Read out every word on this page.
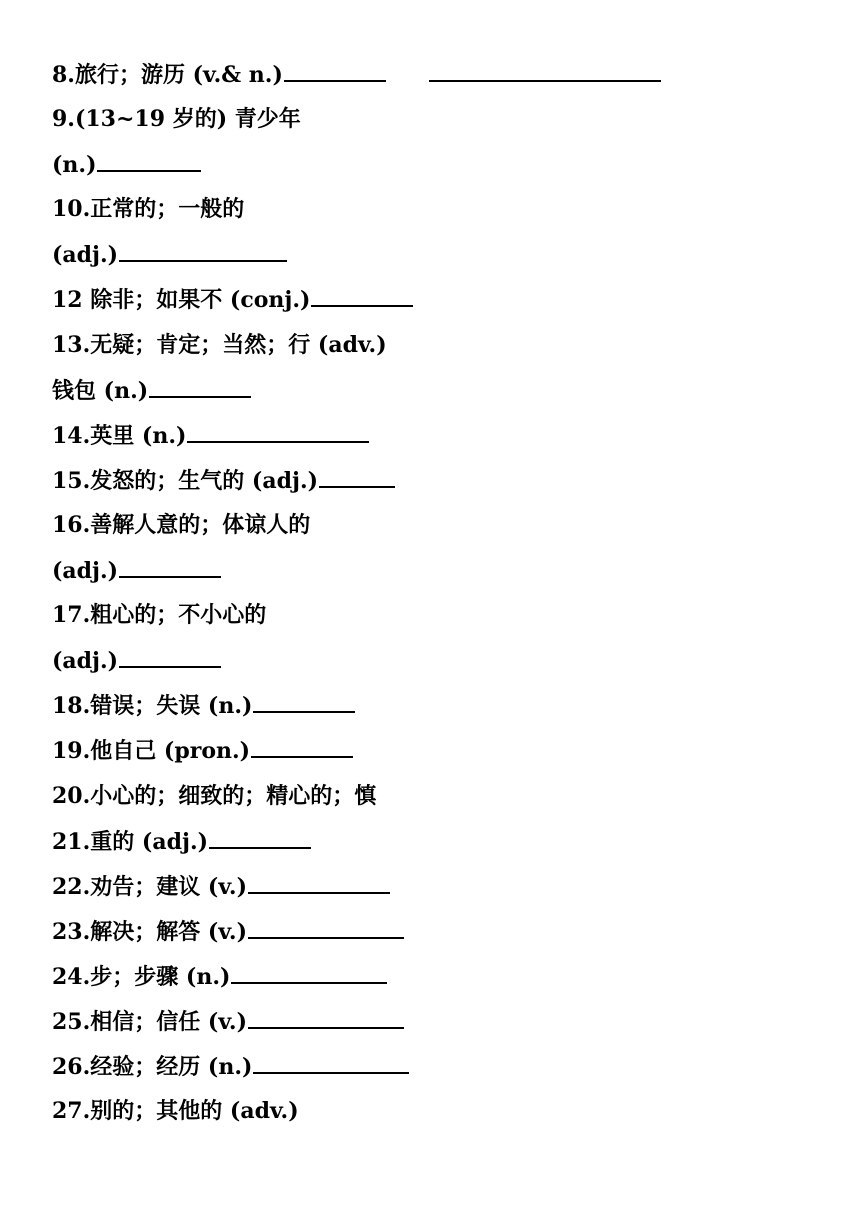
8.旅行；游历 (v.& n.)
9.(13~19 岁的) 青少年
(n.)
10.正常的；一般的
(adj.)
12 除非；如果不 (conj.)
13.无疑；肯定；当然；行 (adv.)
钱包 (n.)
14.英里 (n.)
15.发怒的；生气的 (adj.)
16.善解人意的；体谅人的
(adj.)
17.粗心的；不小心的
(adj.)
18.错误；失误 (n.)
19.他自己 (pron.)
20.小心的；细致的；精心的；慎
21.重的 (adj.)
22.劝告；建议 (v.)
23.解决；解答 (v.)
24.步；步骤 (n.)
25.相信；信任 (v.)
26.经验；经历 (n.)
27.别的；其他的 (adv.)
